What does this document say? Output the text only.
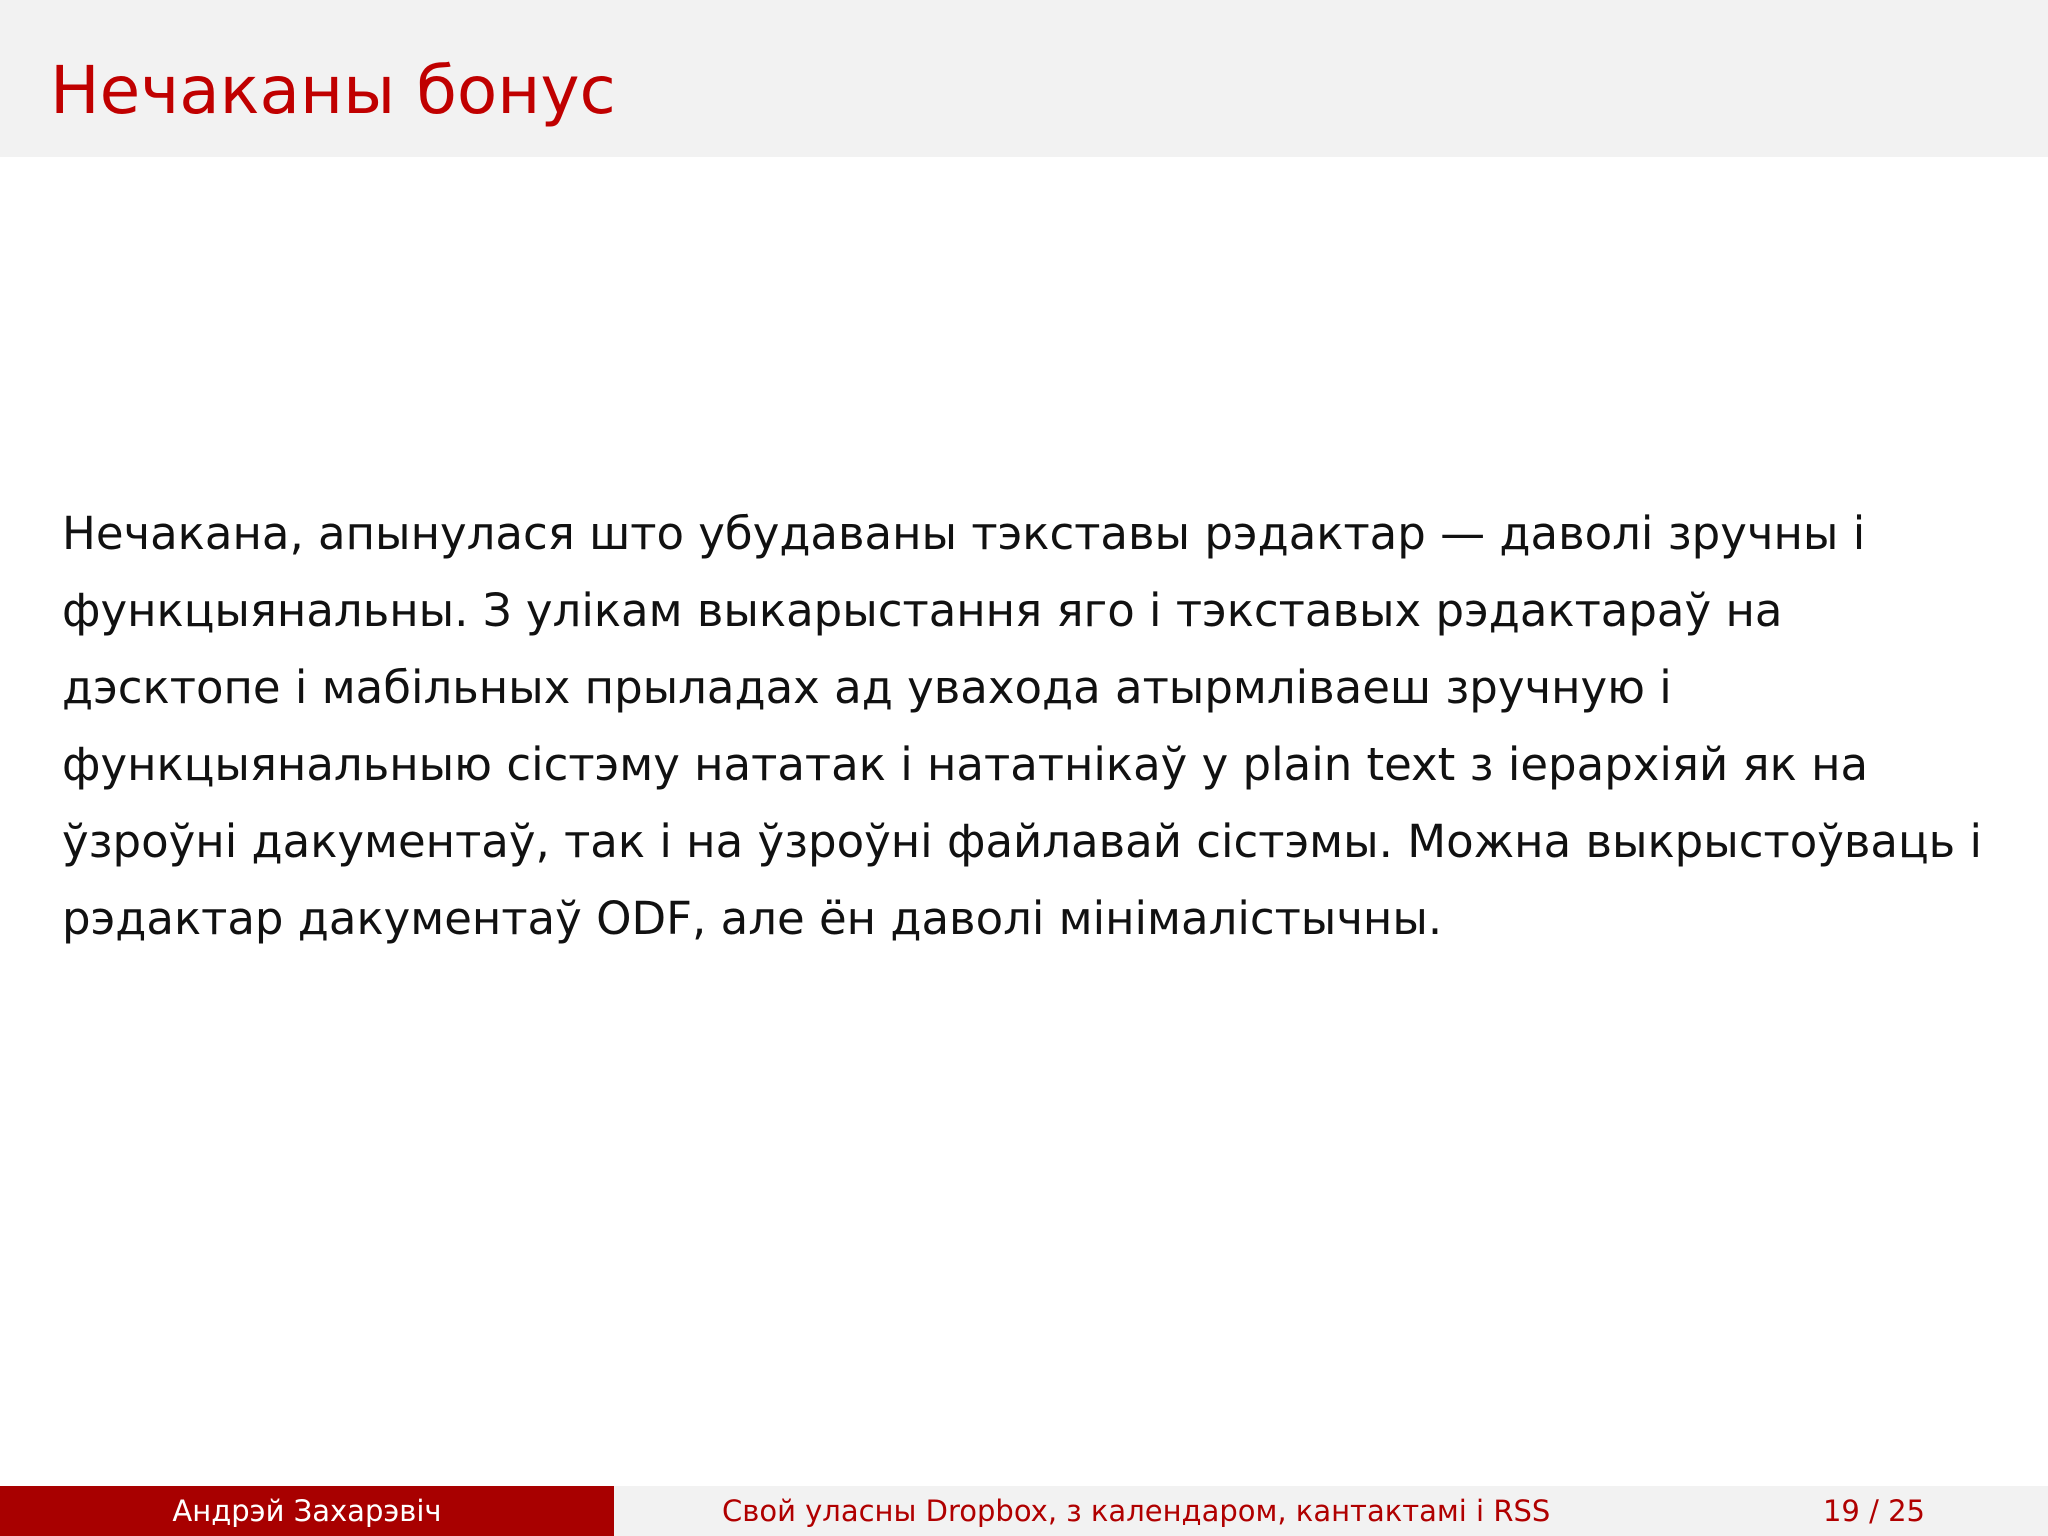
Нечаканы бонус

Нечакана, апынулася што убудаваны тэкставы рэдактар — даволі зручны і функцыянальны. З улікам выкарыстання яго і тэкставых рэдактараў на дэсктопе і мабільных прыладах ад увахода атырмліваеш зручную і функцыянальныю сістэму нататак і нататнікаў у plain text з іерархіяй як на ўзроўні дакументаў, так і на ўзроўні файлавай сістэмы. Можна выкрыстоўваць і рэдактар дакументаў ODF, але ён даволі мінімалістычны.

Андрэй Захарэвіч	Свой уласны Dropbox, з календаром, кантактамі і RSS	19 / 25
